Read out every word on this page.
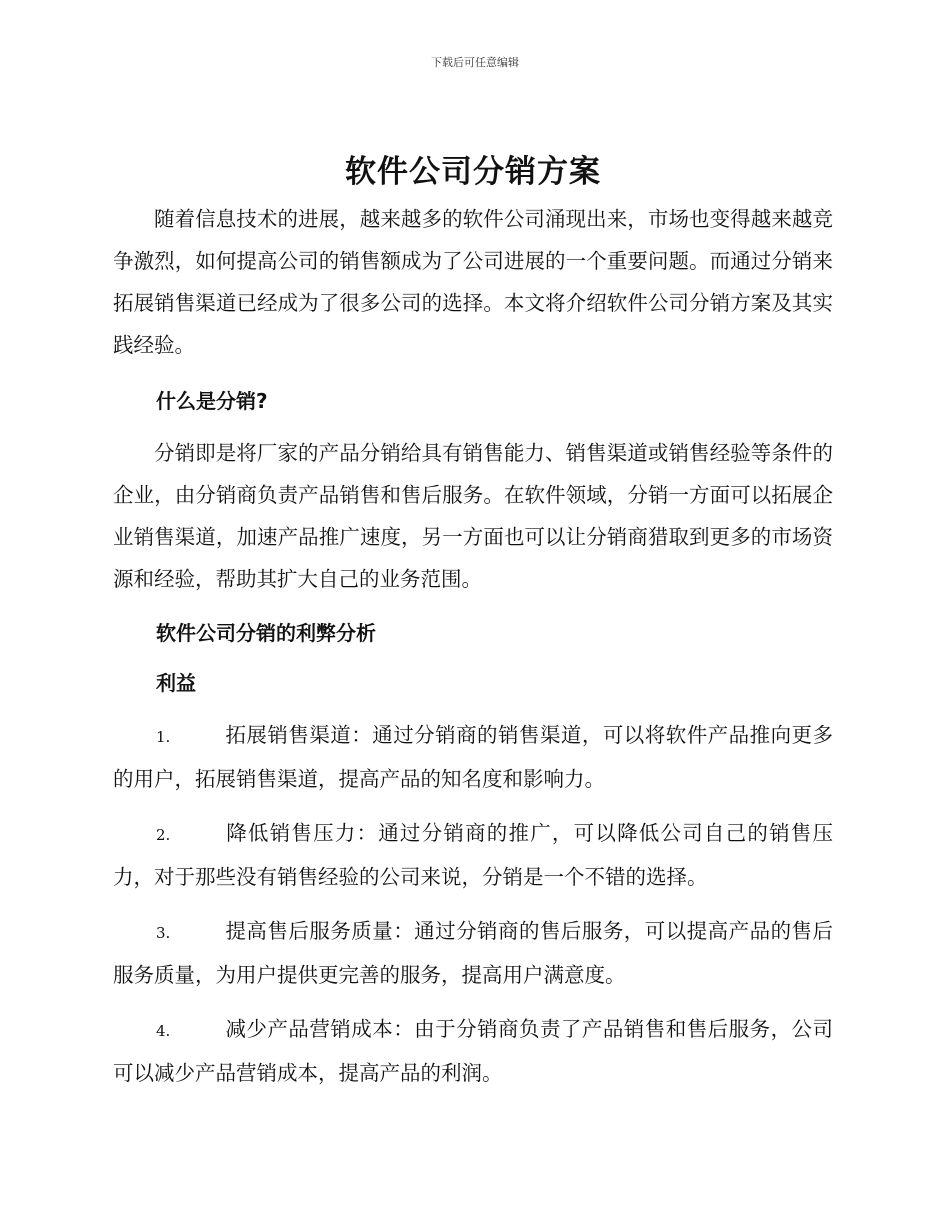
下载后可任意编辑
软件公司分销方案

随着信息技术的进展，越来越多的软件公司涌现出来，市场也变得越来越竞争激烈，如何提高公司的销售额成为了公司进展的一个重要问题。而通过分销来拓展销售渠道已经成为了很多公司的选择。本文将介绍软件公司分销方案及其实践经验。

什么是分销?

分销即是将厂家的产品分销给具有销售能力、销售渠道或销售经验等条件的企业，由分销商负责产品销售和售后服务。在软件领域，分销一方面可以拓展企业销售渠道，加速产品推广速度，另一方面也可以让分销商猎取到更多的市场资源和经验，帮助其扩大自己的业务范围。

软件公司分销的利弊分析
利益

1.	拓展销售渠道：通过分销商的销售渠道，可以将软件产品推向更多的用户，拓展销售渠道，提高产品的知名度和影响力。

2.	降低销售压力：通过分销商的推广，可以降低公司自己的销售压力，对于那些没有销售经验的公司来说，分销是一个不错的选择。

3.	提高售后服务质量：通过分销商的售后服务，可以提高产品的售后服务质量，为用户提供更完善的服务，提高用户满意度。

4.	减少产品营销成本：由于分销商负责了产品销售和售后服务，公司可以减少产品营销成本，提高产品的利润。
